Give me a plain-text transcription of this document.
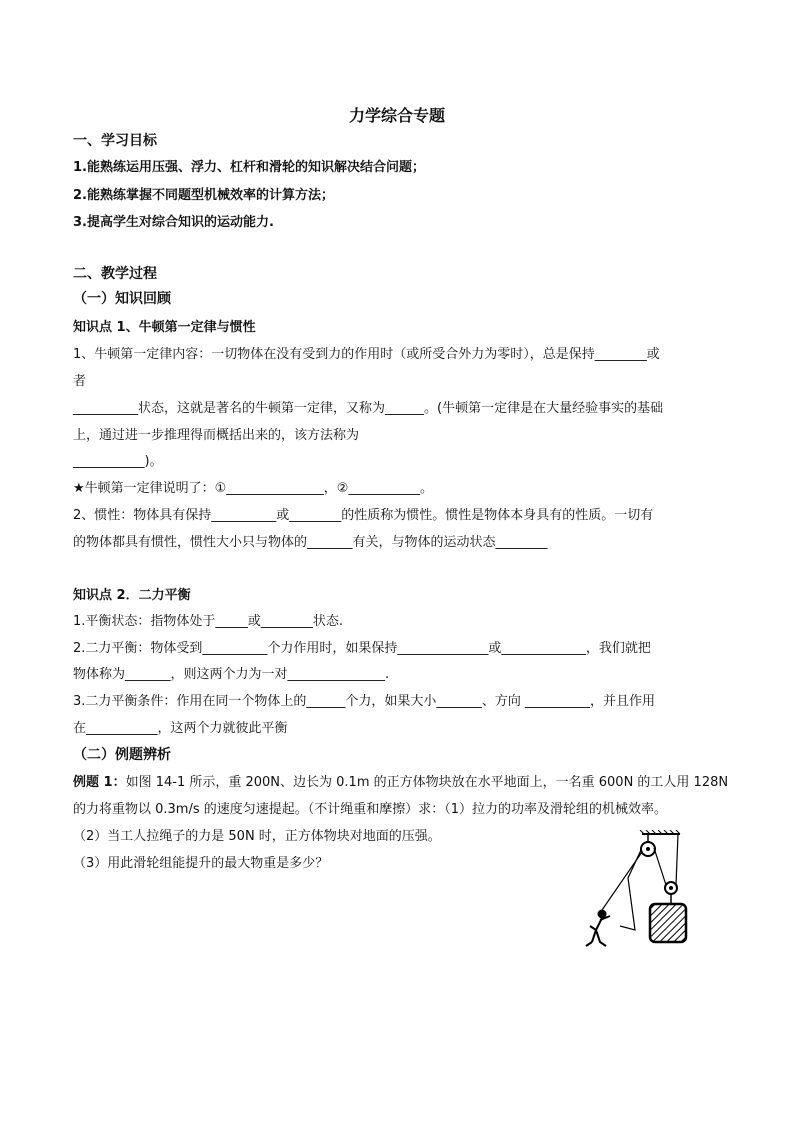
力学综合专题
一、学习目标
1.能熟练运用压强、浮力、杠杆和滑轮的知识解决结合问题；
2.能熟练掌握不同题型机械效率的计算方法；
3.提高学生对综合知识的运动能力.
二、教学过程
（一）知识回顾
知识点 1、牛顿第一定律与惯性
1、牛顿第一定律内容：一切物体在没有受到力的作用时（或所受合外力为零时），总是保持________或
者
__________状态，这就是著名的牛顿第一定律，又称为______。(牛顿第一定律是在大量经验事实的基础
上，通过进一步推理得而概括出来的，该方法称为
___________)。
★牛顿第一定律说明了：①_______________，②___________。
2、惯性：物体具有保持__________或________的性质称为惯性。惯性是物体本身具有的性质。一切有
的物体都具有惯性，惯性大小只与物体的_______有关，与物体的运动状态________
知识点 2．二力平衡
1.平衡状态：指物体处于_____或________状态.
2.二力平衡：物体受到__________个力作用时，如果保持______________或_____________，我们就把
物体称为_______，则这两个力为一对_______________.
3.二力平衡条件：作用在同一个物体上的______个力，如果大小_______、方向 __________，并且作用
在___________，这两个力就彼此平衡
（二）例题辨析
例题 1：如图 14-1 所示，重 200N、边长为 0.1m 的正方体物块放在水平地面上，一名重 600N 的工人用 128N
的力将重物以 0.3m/s 的速度匀速提起。（不计绳重和摩擦）求：（1）拉力的功率及滑轮组的机械效率。
（2）当工人拉绳子的力是 50N 时，正方体物块对地面的压强。
（3）用此滑轮组能提升的最大物重是多少？
